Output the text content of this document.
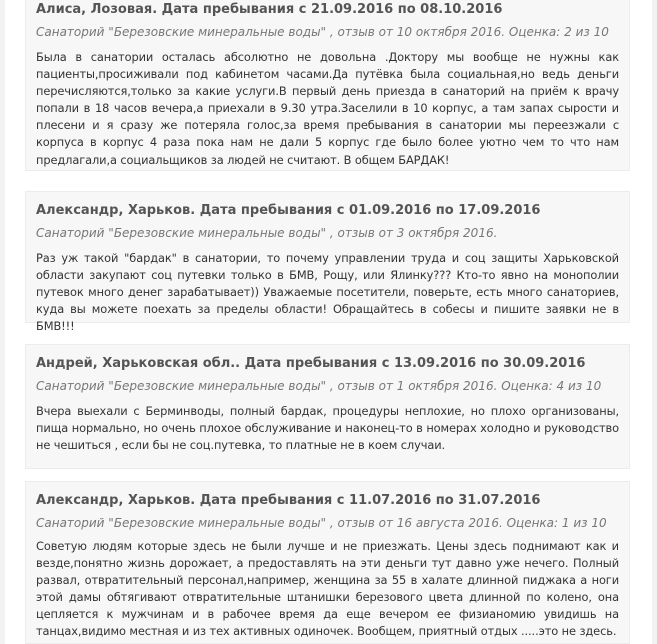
Алиса, Лозовая. Дата пребывания с 21.09.2016 по 08.10.2016
Санаторий "Березовские минеральные воды" , отзыв от 10 октября 2016. Оценка: 2 из 10
Была в санатории осталась абсолютно не довольна .Доктору мы вообще не нужны как пациенты,просиживали под кабинетом часами.Да путёвка была социальная,но ведь деньги перечисляются,только за какие услуги.В первый день приезда в санаторий на приём к врачу попали в 18 часов вечера,а приехали в 9.30 утра.Заселили в 10 корпус, а там запах сырости и плесени и я сразу же потеряла голос,за время пребывания в санатории мы переезжали с корпуса в корпус 4 раза пока нам не дали 5 корпус где было более уютно чем то что нам предлагали,а социальщиков за людей не считают. В общем БАРДАК!
Александр, Харьков. Дата пребывания с 01.09.2016 по 17.09.2016
Санаторий "Березовские минеральные воды" , отзыв от 3 октября 2016.
Раз уж такой "бардак" в санатории, то почему управлении труда и соц защиты Харьковской области закупают соц путевки только в БМВ, Рощу, или Ялинку??? Кто-то явно на монополии путевок много денег зарабатывает)) Уважаемые посетители, поверьте, есть много санаториев, куда вы можете поехать за пределы области! Обращайтесь в собесы и пишите заявки не в БМВ!!!
Андрей, Харьковская обл.. Дата пребывания с 13.09.2016 по 30.09.2016
Санаторий "Березовские минеральные воды" , отзыв от 1 октября 2016. Оценка: 4 из 10
Вчера выехали с Берминводы, полный бардак, процедуры неплохие, но плохо организованы, пища нормально, но очень плохое обслуживание и наконец-то в номерах холодно и руководство не чешиться , если бы не соц.путевка, то платные не в коем случаи.
Александр, Харьков. Дата пребывания с 11.07.2016 по 31.07.2016
Санаторий "Березовские минеральные воды" , отзыв от 16 августа 2016. Оценка: 1 из 10
Советую людям которые здесь не были лучше и не приезжать. Цены здесь поднимают как и везде,понятно жизнь дорожает, а предоставлять на эти деньги тут давно уже нечего. Полный развал, отвратительный персонал,например, женщина за 55 в халате длинной пиджака а ноги этой дамы обтягивают отвратительные штанишки березового цвета длинной по колено, она цепляется к мужчинам и в рабочее время да еще вечером ее физианомию увидишь на танцах,видимо местная и из тех активных одиночек. Вообщем, приятный отдых .....это не здесь.
